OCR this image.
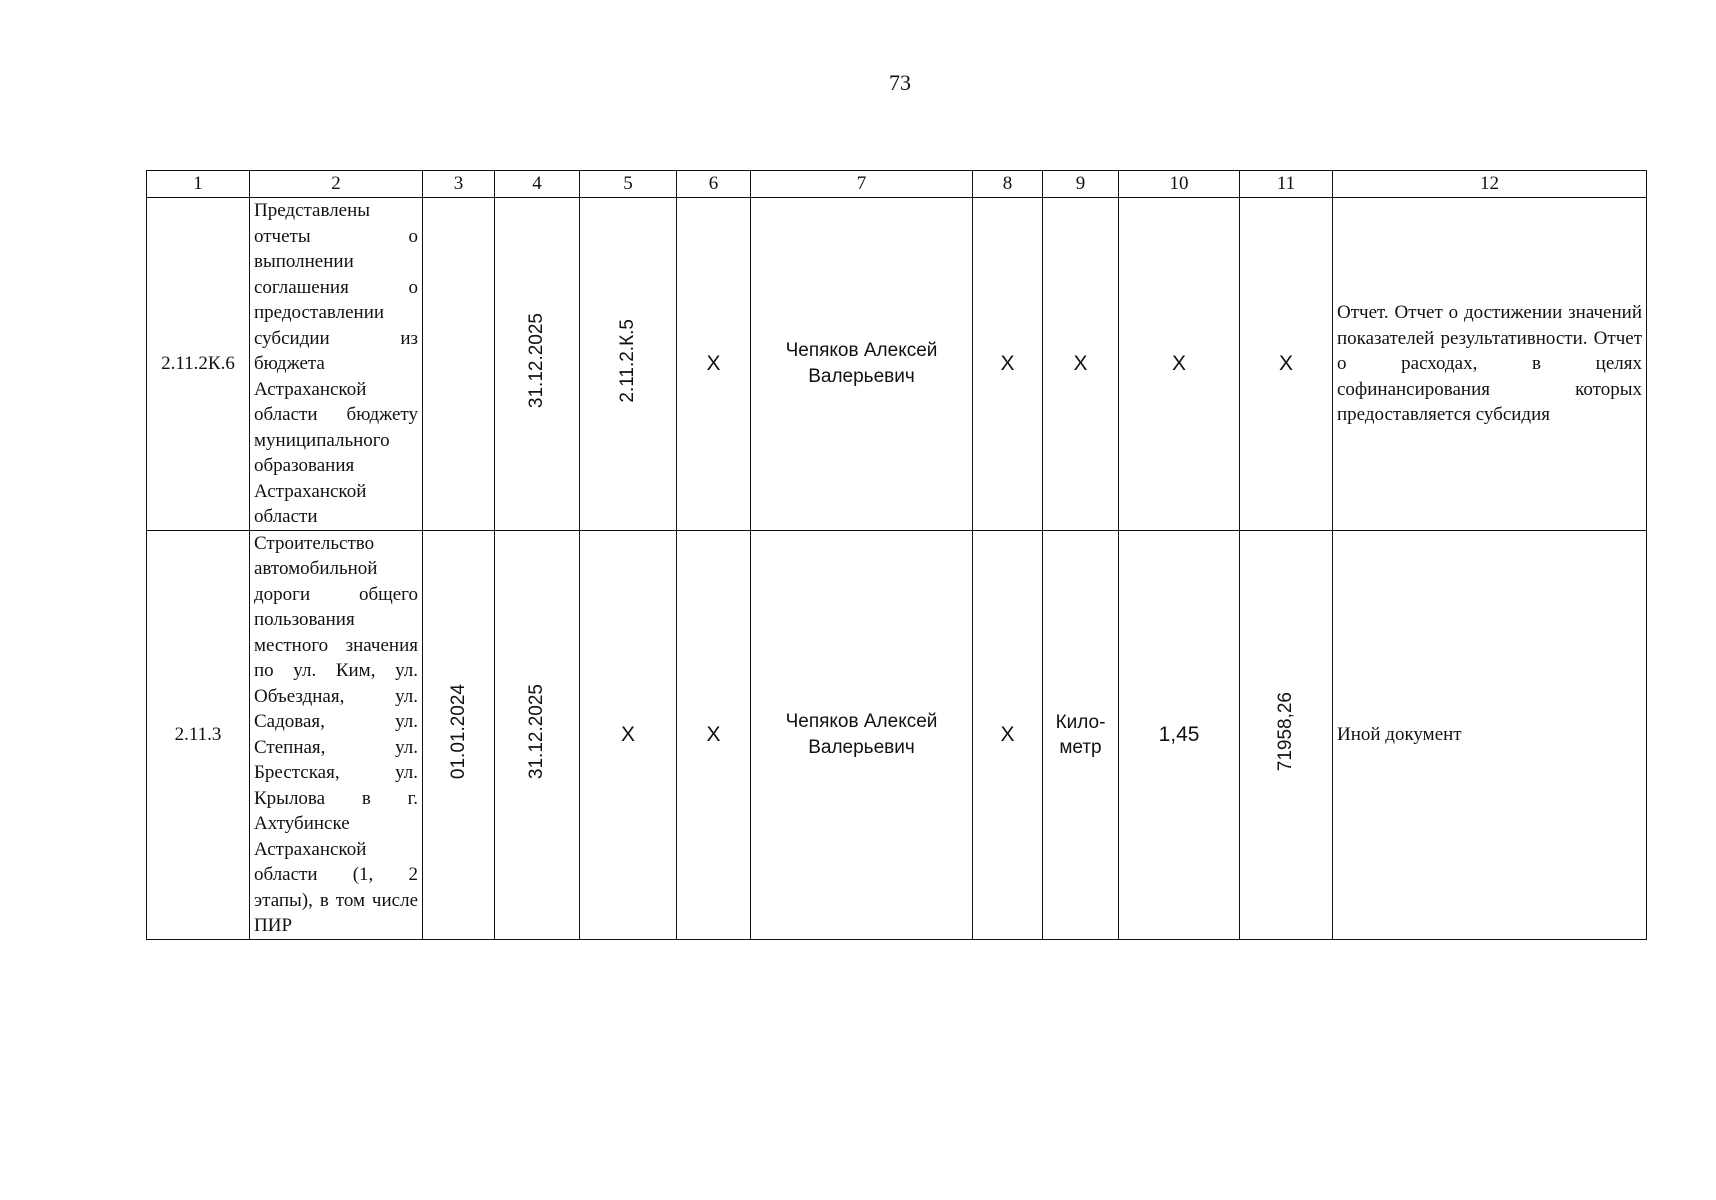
73
1	2	3	4	5	6	7	8	9	10	11	12
2.11.2К.6	Представлены отчеты о выполнении соглашения о предоставлении субсидии из бюджета Астраханской области бюджету муниципального образования Астраханской области		31.12.2025	2.11.2.К.5	Х	Чепяков Алексей Валерьевич	Х	Х	Х	Х	Отчет. Отчет о достижении значений показателей результативности. Отчет о расходах, в целях софинансирования которых предоставляется субсидия
2.11.3	Строительство автомобильной дороги общего пользования местного значения по ул. Ким, ул. Объездная, ул. Садовая, ул. Степная, ул. Брестская, ул. Крылова в г. Ахтубинске Астраханской области (1, 2 этапы), в том числе ПИР	01.01.2024	31.12.2025	Х	Х	Чепяков Алексей Валерьевич	Х	Кило-метр	1,45	71958,26	Иной документ
